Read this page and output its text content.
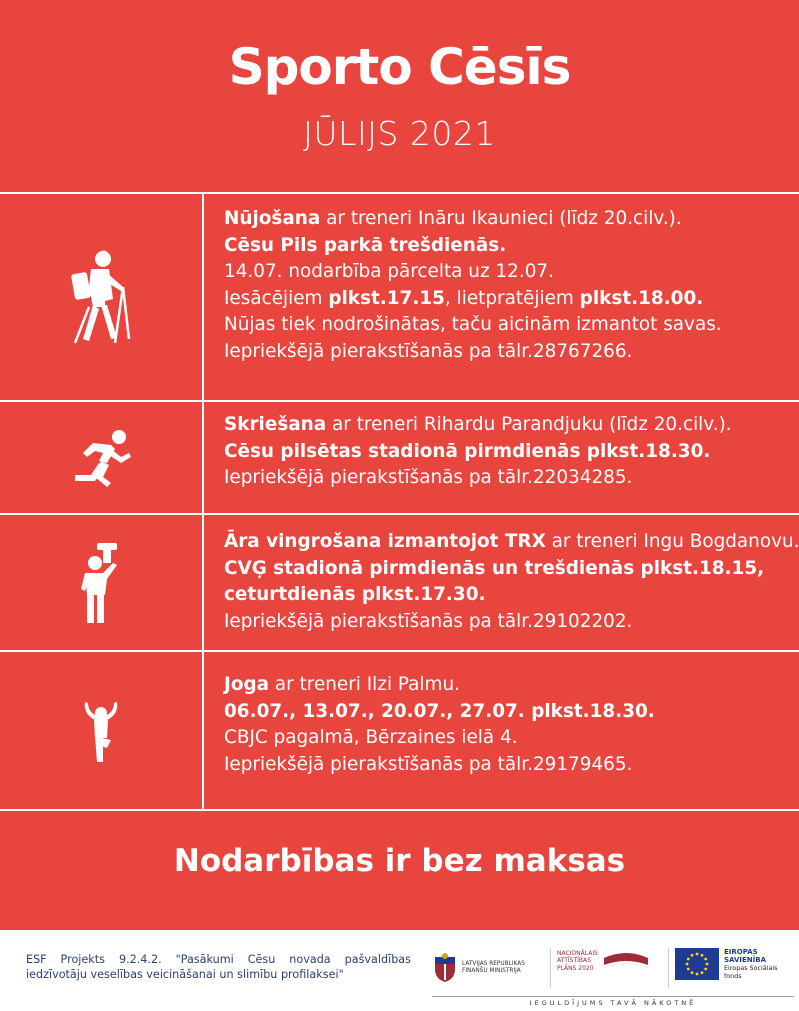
Sporto Cēsīs
JŪLIJS 2021
Nūjošana ar treneri Ināru Ikaunieci (līdz 20.cilv.).
Cēsu Pils parkā trešdienās.
14.07. nodarbība pārcelta uz 12.07.
Iesācējiem plkst.17.15, lietpratējiem plkst.18.00.
Nūjas tiek nodrošinātas, taču aicinām izmantot savas.
Iepriekšējā pierakstīšanās pa tālr.28767266.
Skriešana ar treneri Rihardu Parandjuku (līdz 20.cilv.).
Cēsu pilsētas stadionā pirmdienās plkst.18.30.
Iepriekšējā pierakstīšanās pa tālr.22034285.
Āra vingrošana izmantojot TRX ar treneri Ingu Bogdanovu.
CVĢ stadionā pirmdienās un trešdienās plkst.18.15,
ceturtdienās plkst.17.30.
Iepriekšējā pierakstīšanās pa tālr.29102202.
Joga ar treneri Ilzi Palmu.
06.07., 13.07., 20.07., 27.07. plkst.18.30.
CBJC pagalmā, Bērzaines ielā 4.
Iepriekšējā pierakstīšanās pa tālr.29179465.
Nodarbības ir bez maksas
ESF Projekts 9.2.4.2. "Pasākumi Cēsu novada pašvaldības iedzīvotāju veselības veicināšanai un slimību profilaksei"
LATVIJAS REPUBLIKAS
FINANŠU MINISTRIJA
NACIONĀLAIS
ATTĪSTĪBAS
PLĀNS 2020
EIROPAS SAVIENĪBA
Eiropas Sociālais
fonds
IEGULDĪJUMS TAVĀ NĀKOTNĒ
